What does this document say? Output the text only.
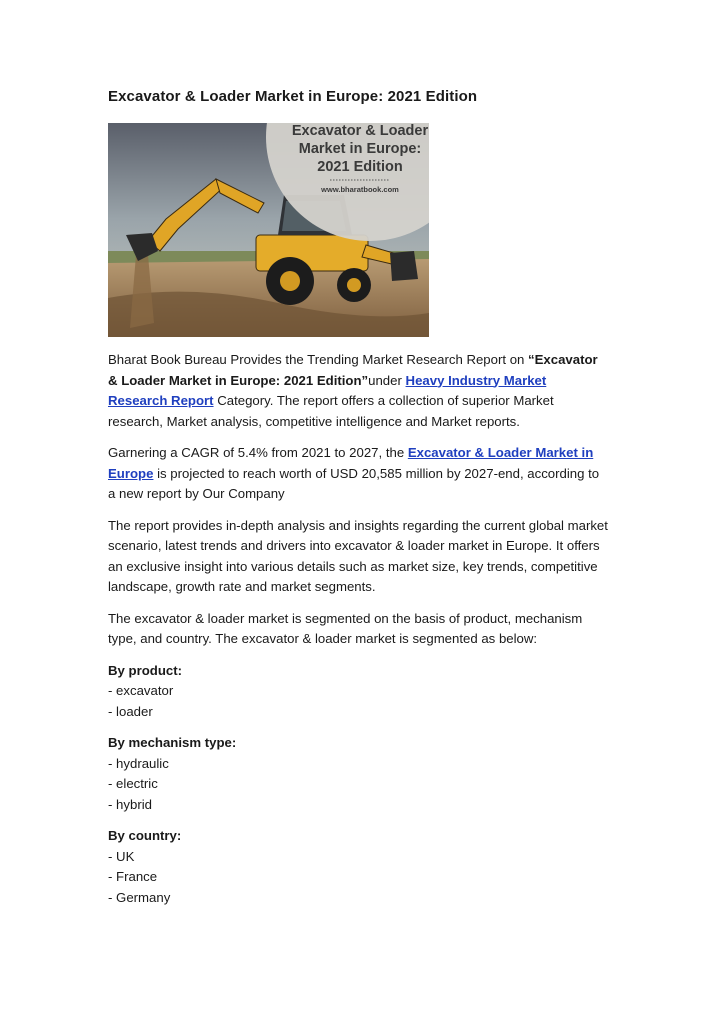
Excavator & Loader Market in Europe: 2021 Edition
Excavator & Loader
Market in Europe:
2021 Edition
www.bharatbook.com

Bharat Book Bureau Provides the Trending Market Research Report on “Excavator & Loader Market in Europe: 2021 Edition”under Heavy Industry Market Research Report Category. The report offers a collection of superior Market research, Market analysis, competitive intelligence and Market reports.

Garnering a CAGR of 5.4% from 2021 to 2027, the Excavator & Loader Market in Europe is projected to reach worth of USD 20,585 million by 2027-end, according to a new report by Our Company

The report provides in-depth analysis and insights regarding the current global market scenario, latest trends and drivers into excavator & loader market in Europe. It offers an exclusive insight into various details such as market size, key trends, competitive landscape, growth rate and market segments.

The excavator & loader market is segmented on the basis of product, mechanism type, and country. The excavator & loader market is segmented as below:

By product:
- excavator
- loader
By mechanism type:
- hydraulic
- electric
- hybrid
By country:
- UK
- France
- Germany
